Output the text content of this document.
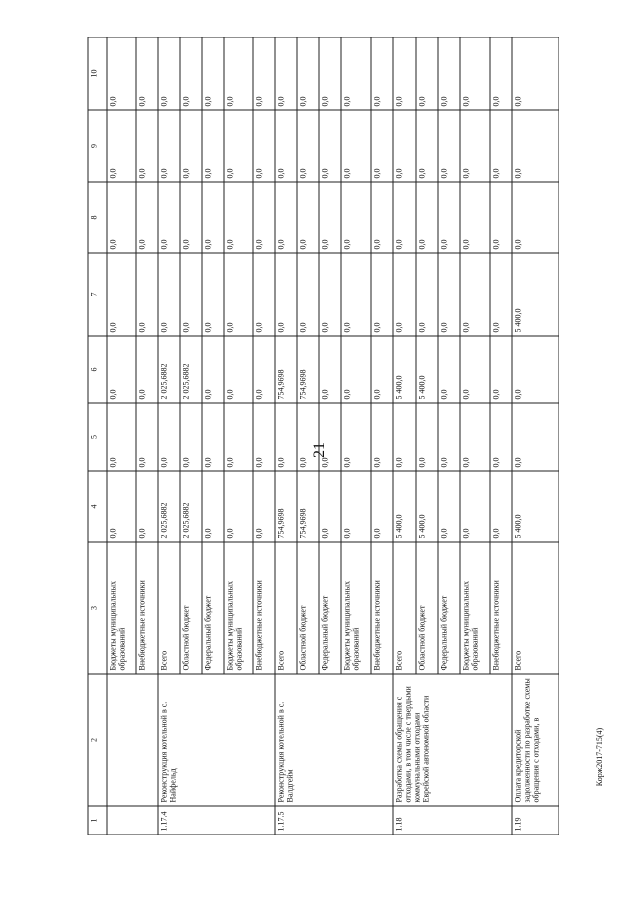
21
1	2	3	4	5	6	7	8	9	10
		Бюджеты муниципальных образований	0,0	0,0	0,0	0,0	0,0	0,0	0,0
		Внебюджетные источники	0,0	0,0	0,0	0,0	0,0	0,0	0,0
1.17.4	Реконструкция котельной в с. Найфельд	Всего	2 025,6882	0,0	2 025,6882	0,0	0,0	0,0	0,0
		Областной бюджет	2 025,6882	0,0	2 025,6882	0,0	0,0	0,0	0,0
		Федеральный бюджет	0,0	0,0	0,0	0,0	0,0	0,0	0,0
		Бюджеты муниципальных образований	0,0	0,0	0,0	0,0	0,0	0,0	0,0
		Внебюджетные источники	0,0	0,0	0,0	0,0	0,0	0,0	0,0
1.17.5	Реконструкция котельной в с. Валдгейм	Всего	754,9698	0,0	754,9698	0,0	0,0	0,0	0,0
		Областной бюджет	754,9698	0,0	754,9698	0,0	0,0	0,0	0,0
		Федеральный бюджет	0,0	0,0	0,0	0,0	0,0	0,0	0,0
		Бюджеты муниципальных образований	0,0	0,0	0,0	0,0	0,0	0,0	0,0
		Внебюджетные источники	0,0	0,0	0,0	0,0	0,0	0,0	0,0
1.18	Разработка схемы обращения с отходами, в том числе с твердыми коммунальными отходами Еврейской автономной области	Всего	5 400,0	0,0	5 400,0	0,0	0,0	0,0	0,0
		Областной бюджет	5 400,0	0,0	5 400,0	0,0	0,0	0,0	0,0
		Федеральный бюджет	0,0	0,0	0,0	0,0	0,0	0,0	0,0
		Бюджеты муниципальных образований	0,0	0,0	0,0	0,0	0,0	0,0	0,0
		Внебюджетные источники	0,0	0,0	0,0	0,0	0,0	0,0	0,0
1.19	Оплата кредиторской задолженности по разработке схемы обращения с отходами, в	Всего	5 400,0	0,0	0,0	5 400,0	0,0	0,0	0,0
Корж2017-715(4)
